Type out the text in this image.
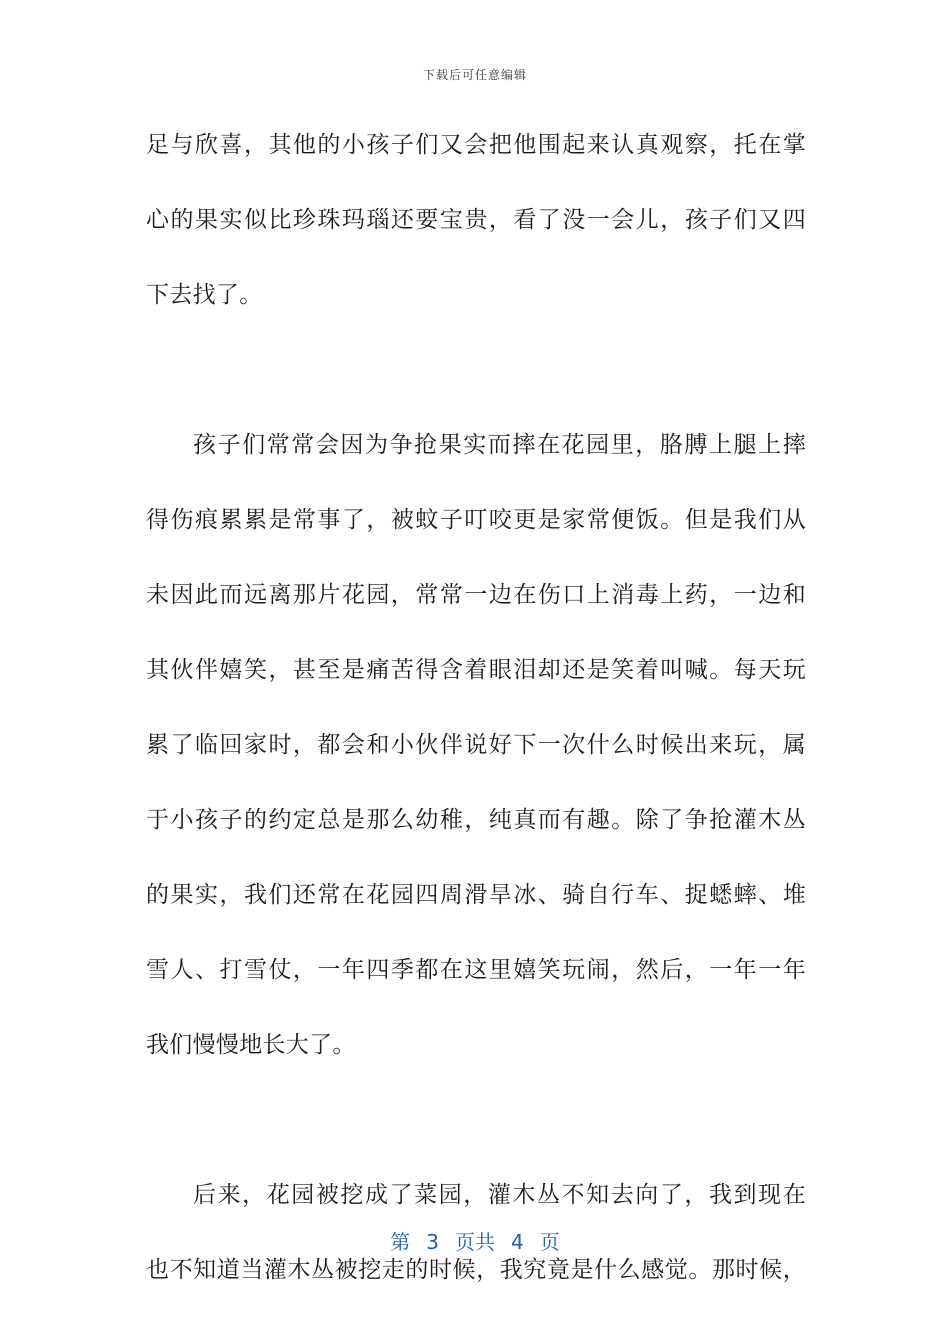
下载后可任意编辑
足与欣喜，其他的小孩子们又会把他围起来认真观察，托在掌
心的果实似比珍珠玛瑙还要宝贵，看了没一会儿，孩子们又四
下去找了。
孩子们常常会因为争抢果实而摔在花园里，胳膊上腿上摔
得伤痕累累是常事了，被蚊子叮咬更是家常便饭。但是我们从
未因此而远离那片花园，常常一边在伤口上消毒上药，一边和
其伙伴嬉笑，甚至是痛苦得含着眼泪却还是笑着叫喊。每天玩
累了临回家时，都会和小伙伴说好下一次什么时候出来玩，属
于小孩子的约定总是那么幼稚，纯真而有趣。除了争抢灌木丛
的果实，我们还常在花园四周滑旱冰、骑自行车、捉蟋蟀、堆
雪人、打雪仗，一年四季都在这里嬉笑玩闹，然后，一年一年
我们慢慢地长大了。
后来，花园被挖成了菜园，灌木丛不知去向了，我到现在
也不知道当灌木丛被挖走的时候，我究竟是什么感觉。那时候，
第 3 页共 4 页
